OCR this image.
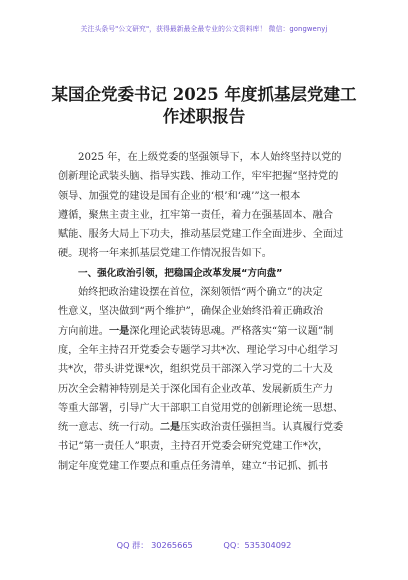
关注头条号"公文研究"，获得最新最全最专业的公文资料库！ 微信：gongwenyj
某国企党委书记 2025 年度抓基层党建工
作述职报告
2025 年，在上级党委的坚强领导下，本人始终坚持以党的
创新理论武装头脑、指导实践、推动工作，牢牢把握“坚持党的
领导、加强党的建设是国有企业的‘根’和‘魂’”这一根本
遵循，聚焦主责主业，扛牢第一责任，着力在强基固本、融合
赋能、服务大局上下功夫，推动基层党建工作全面进步、全面过
硬。现将一年来抓基层党建工作情况报告如下。
一、强化政治引领，把稳国企改革发展“方向盘”
始终把政治建设摆在首位，深刻领悟“两个确立”的决定
性意义，坚决做到“两个维护”，确保企业始终沿着正确政治
方向前进。一是深化理论武装铸思魂。严格落实“第一议题”制
度，全年主持召开党委会专题学习共*次、理论学习中心组学习
共*次，带头讲党课*次，组织党员干部深入学习党的二十大及
历次全会精神特别是关于深化国有企业改革、发展新质生产力
等重大部署，引导广大干部职工自觉用党的创新理论统一思想、
统一意志、统一行动。二是压实政治责任强担当。认真履行党委
书记“第一责任人”职责，主持召开党委会研究党建工作*次，
制定年度党建工作要点和重点任务清单，建立“书记抓、抓书
QQ 群： 30265665	QQ：535304092
